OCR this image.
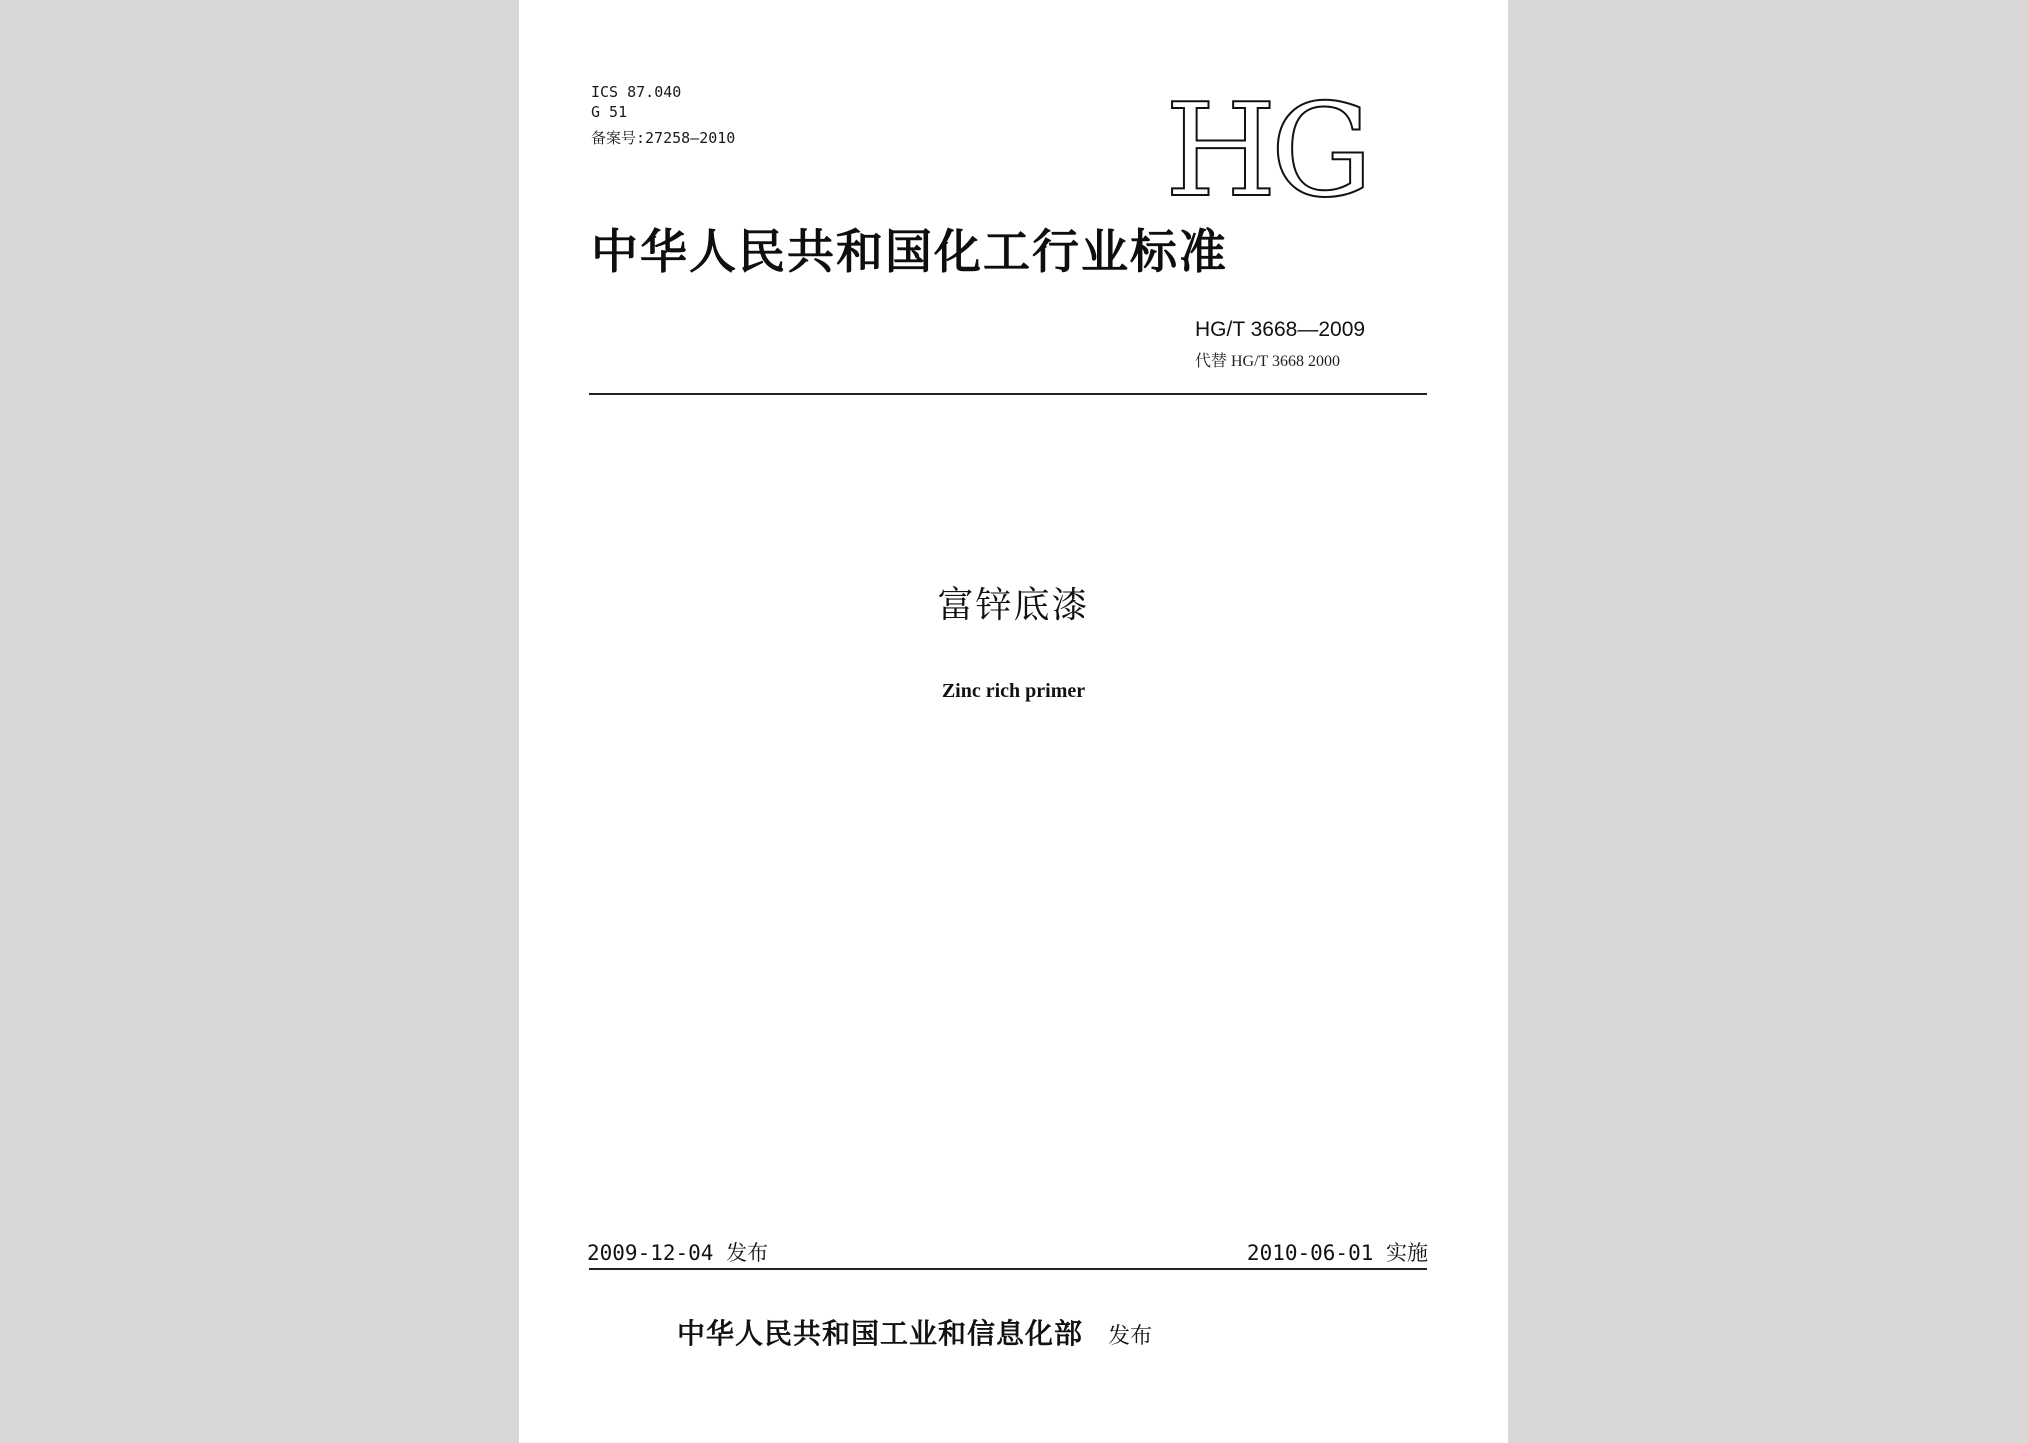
ICS 87.040
G 51
备案号:27258—2010	HG
中华人民共和国化工行业标准
HG/T 3668—2009
代替 HG/T 3668 2000
富锌底漆
Zinc rich primer
2009-12-04 发布	2010-06-01 实施
中华人民共和国工业和信息化部 发布
